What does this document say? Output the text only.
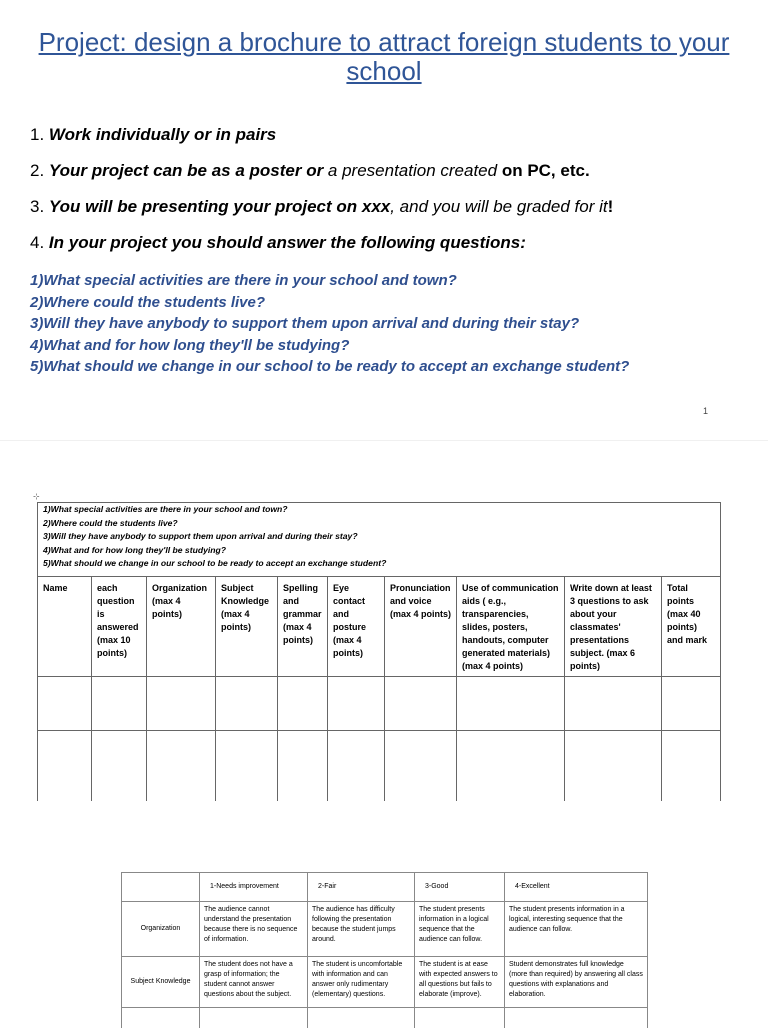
Project: design a brochure to attract foreign students to your school
1. Work individually or in pairs
2. Your project can be as a poster or a presentation created on PC, etc.
3. You will be presenting your project on xxx, and you will be graded for it!
4. In your project you should answer the following questions:
1)What special activities are there in your school and town?
2)Where could the students live?
3)Will they have anybody to support them upon arrival and during their stay?
4)What and for how long they'll be studying?
5)What should we change in our school to be ready to accept an exchange student?
1
⊹
1)What special activities are there in your school and town?
2)Where could the students live?
3)Will they have anybody to support them upon arrival and during their stay?
4)What and for how long they'll be studying?
5)What should we change in our school to be ready to accept an exchange student?									

Name	each question is answered (max 10 points)	Organization (max 4 points)	Subject Knowledge (max 4 points)	Spelling and grammar (max 4 points)	Eye contact and posture (max 4 points)	Pronunciation and voice (max 4 points)	Use of communication aids ( e.g., transparencies, slides, posters, handouts, computer generated materials) (max 4 points)	Write down at least 3 questions to ask about your classmates' presentations subject. (max 6 points)	Total points (max 40 points) and mark

	1-Needs improvement	2-Fair	3-Good	4-Excellent
Organization	The audience cannot understand the presentation because there is no sequence of information.	The audience has difficulty following the presentation because the student jumps around.	The student presents information in a logical sequence that the audience can follow.	The student presents information in a logical, interesting sequence that the audience can follow.
Subject Knowledge	The student does not have a grasp of information; the student cannot answer questions about the subject.	The student is uncomfortable with information and can answer only rudimentary (elementary) questions.	The student is at ease with expected answers to all questions but fails to elaborate (improve).	Student demonstrates full knowledge (more than required) by answering all class questions with explanations and elaboration.
